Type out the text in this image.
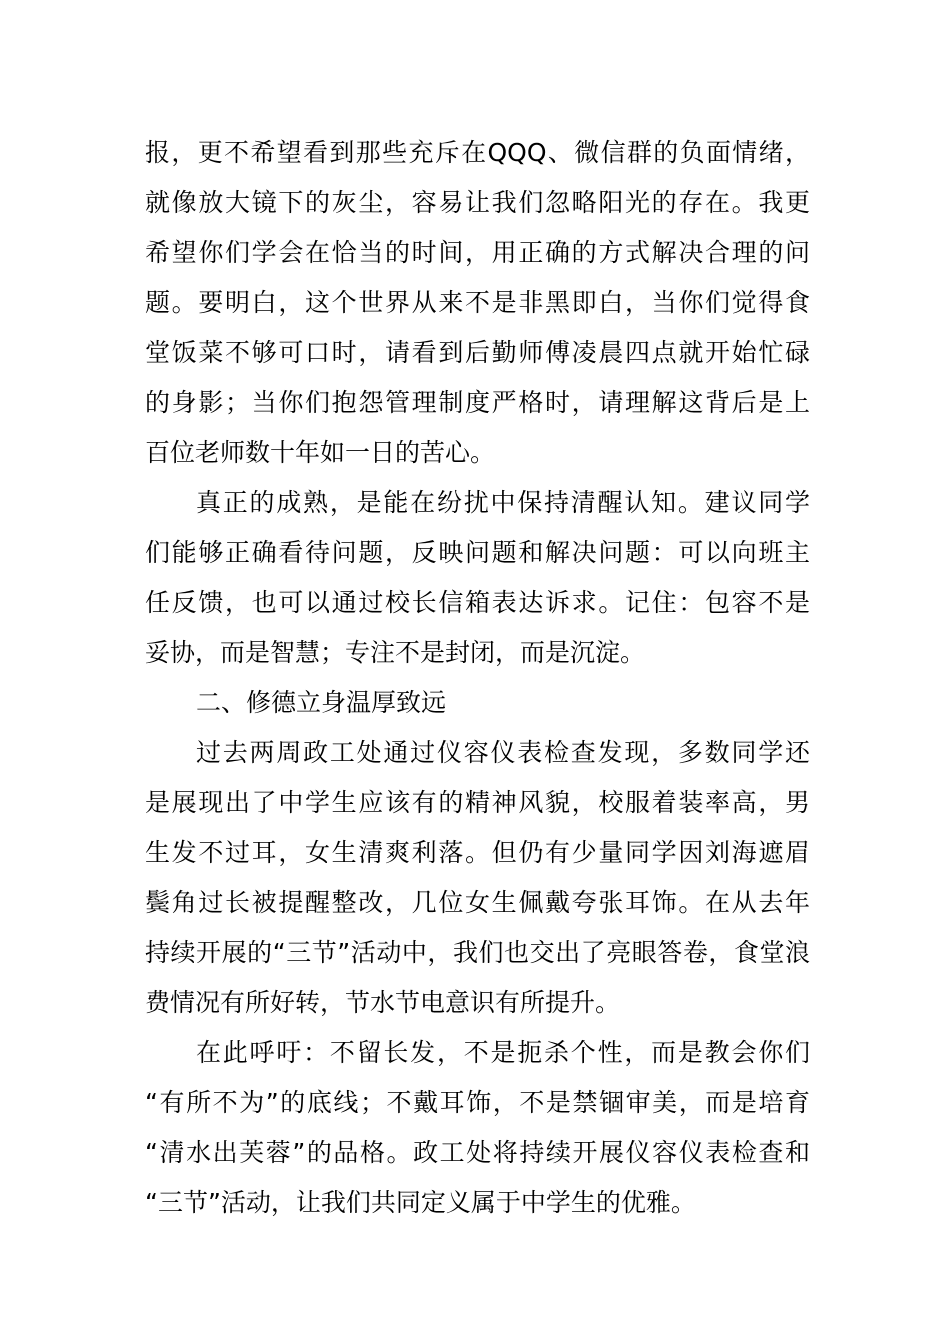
报，更不希望看到那些充斥在QQQ、微信群的负面情绪，
就像放大镜下的灰尘，容易让我们忽略阳光的存在。我更
希望你们学会在恰当的时间，用正确的方式解决合理的问
题。要明白，这个世界从来不是非黑即白，当你们觉得食
堂饭菜不够可口时，请看到后勤师傅凌晨四点就开始忙碌
的身影；当你们抱怨管理制度严格时，请理解这背后是上
百位老师数十年如一日的苦心。
真正的成熟，是能在纷扰中保持清醒认知。建议同学
们能够正确看待问题，反映问题和解决问题：可以向班主
任反馈，也可以通过校长信箱表达诉求。记住：包容不是
妥协，而是智慧；专注不是封闭，而是沉淀。
二、修德立身温厚致远
过去两周政工处通过仪容仪表检查发现，多数同学还
是展现出了中学生应该有的精神风貌，校服着装率高，男
生发不过耳，女生清爽利落。但仍有少量同学因刘海遮眉
鬓角过长被提醒整改，几位女生佩戴夸张耳饰。在从去年
持续开展的“三节”活动中，我们也交出了亮眼答卷，食堂浪
费情况有所好转，节水节电意识有所提升。
在此呼吁：不留长发，不是扼杀个性，而是教会你们
“有所不为”的底线；不戴耳饰，不是禁锢审美，而是培育
“清水出芙蓉”的品格。政工处将持续开展仪容仪表检查和
“三节”活动，让我们共同定义属于中学生的优雅。
